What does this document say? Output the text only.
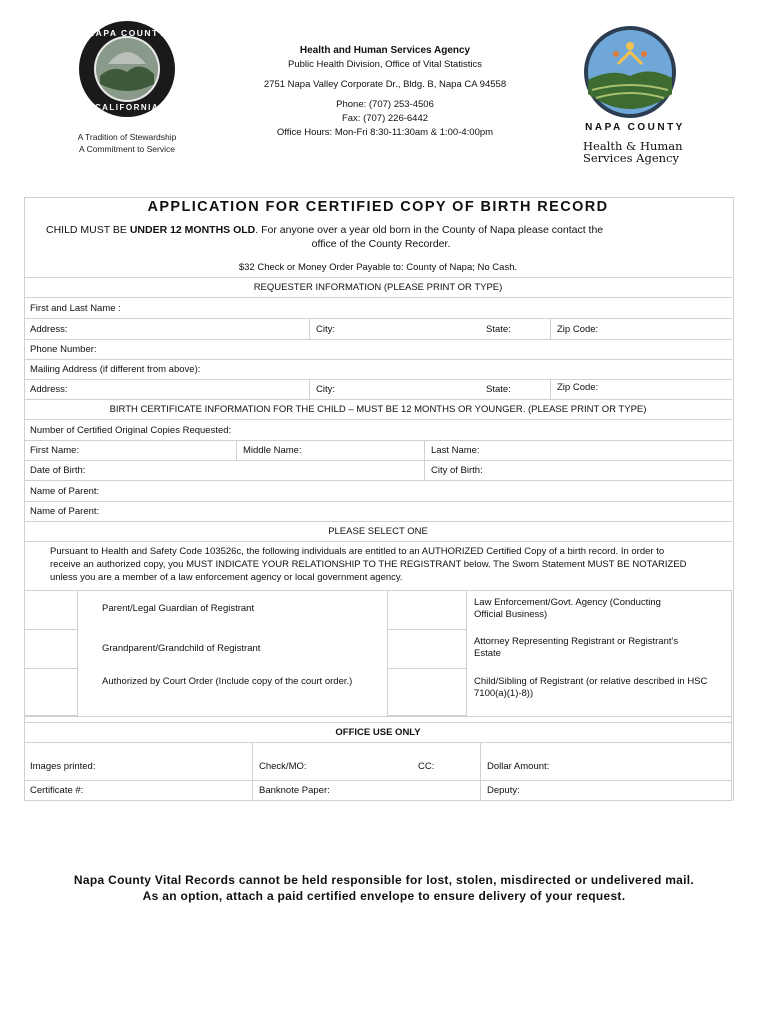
NAPA COUNTY
CALIFORNIA
A Tradition of Stewardship
A Commitment to Service
Health and Human Services Agency
Public Health Division, Office of Vital Statistics
2751 Napa Valley Corporate Dr., Bldg. B, Napa CA 94558
Phone: (707) 253-4506
Fax: (707) 226-6442
Office Hours: Mon-Fri 8:30-11:30am & 1:00-4:00pm	NAPA COUNTY
Health & Human
Services Agency
APPLICATION FOR CERTIFIED COPY OF BIRTH RECORD
CHILD MUST BE UNDER 12 MONTHS OLD. For anyone over a year old born in the County of Napa please contact the
office of the County Recorder.
$32 Check or Money Order Payable to: County of Napa; No Cash.
REQUESTER INFORMATION (PLEASE PRINT OR TYPE)
First and Last Name :
Address:	City:	State:	Zip Code:
Phone Number:
Mailing Address (if different from above):
Address:	City:	State:	Zip Code:
BIRTH CERTIFICATE INFORMATION FOR THE CHILD – MUST BE 12 MONTHS OR YOUNGER. (PLEASE PRINT OR TYPE)
Number of Certified Original Copies Requested:
First Name:	Middle Name:	Last Name:
Date of Birth:	City of Birth:
Name of Parent:
Name of Parent:
PLEASE SELECT ONE
Pursuant to Health and Safety Code 103526c, the following individuals are entitled to an AUTHORIZED Certified Copy of a birth record. In order to receive an authorized copy, you MUST INDICATE YOUR RELATIONSHIP TO THE REGISTRANT below. The Sworn Statement MUST BE NOTARIZED unless you are a member of a law enforcement agency or local government agency.
Parent/Legal Guardian of Registrant
Grandparent/Grandchild of Registrant
Authorized by Court Order (Include copy of the court order.)
Law Enforcement/Govt. Agency (Conducting Official Business)
Attorney Representing Registrant or Registrant’s Estate
Child/Sibling of Registrant (or relative described in HSC 7100(a)(1)-8))
OFFICE USE ONLY
Images printed:	Check/MO:	CC:	Dollar Amount:
Certificate #:	Banknote Paper:	Deputy:
Napa County Vital Records cannot be held responsible for lost, stolen, misdirected or undelivered mail.
As an option, attach a paid certified envelope to ensure delivery of your request.
